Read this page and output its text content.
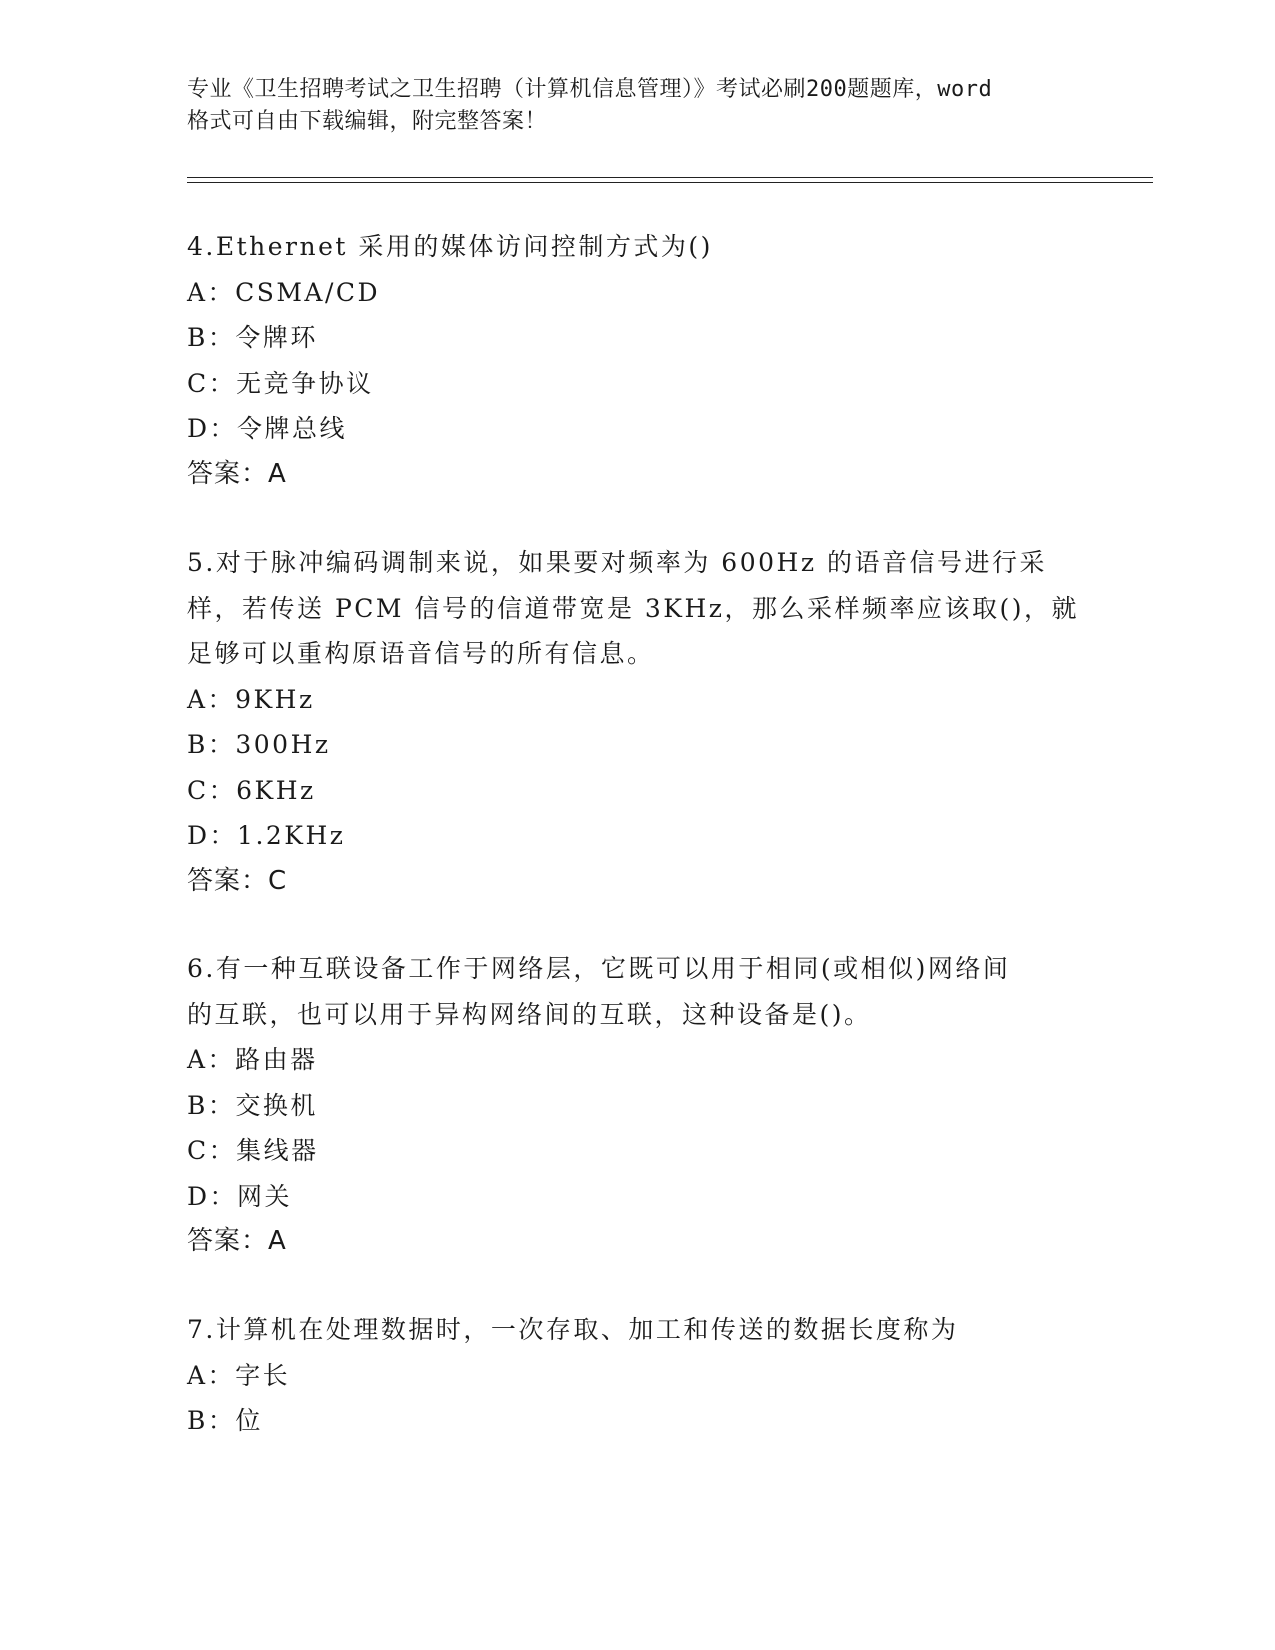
专业《卫生招聘考试之卫生招聘（计算机信息管理）》考试必刷200题题库，word
格式可自由下载编辑，附完整答案！
4.Ethernet 采用的媒体访问控制方式为()
A：CSMA/CD
B：令牌环
C：无竞争协议
D：令牌总线
答案：A
5.对于脉冲编码调制来说，如果要对频率为 600Hz 的语音信号进行采
样，若传送 PCM 信号的信道带宽是 3KHz，那么采样频率应该取()，就
足够可以重构原语音信号的所有信息。
A：9KHz
B：300Hz
C：6KHz
D：1.2KHz
答案：C
6.有一种互联设备工作于网络层，它既可以用于相同(或相似)网络间
的互联，也可以用于异构网络间的互联，这种设备是()。
A：路由器
B：交换机
C：集线器
D：网关
答案：A
7.计算机在处理数据时，一次存取、加工和传送的数据长度称为
A：字长
B：位
